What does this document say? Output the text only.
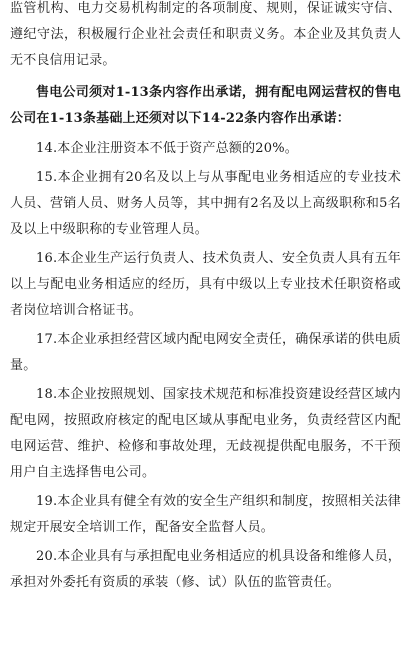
监管机构、电力交易机构制定的各项制度、规则，保证诚实守信、遵纪守法，积极履行企业社会责任和职责义务。本企业及其负责人无不良信用记录。

售电公司须对1-13条内容作出承诺，拥有配电网运营权的售电公司在1-13条基础上还须对以下14-22条内容作出承诺：

14.本企业注册资本不低于资产总额的20%。

15.本企业拥有20名及以上与从事配电业务相适应的专业技术人员、营销人员、财务人员等，其中拥有2名及以上高级职称和5名及以上中级职称的专业管理人员。

16.本企业生产运行负责人、技术负责人、安全负责人具有五年以上与配电业务相适应的经历，具有中级以上专业技术任职资格或者岗位培训合格证书。

17.本企业承担经营区域内配电网安全责任，确保承诺的供电质量。

18.本企业按照规划、国家技术规范和标准投资建设经营区域内配电网，按照政府核定的配电区域从事配电业务，负责经营区内配电网运营、维护、检修和事故处理，无歧视提供配电服务，不干预用户自主选择售电公司。

19.本企业具有健全有效的安全生产组织和制度，按照相关法律规定开展安全培训工作，配备安全监督人员。

20.本企业具有与承担配电业务相适应的机具设备和维修人员，承担对外委托有资质的承装（修、试）队伍的监管责任。
